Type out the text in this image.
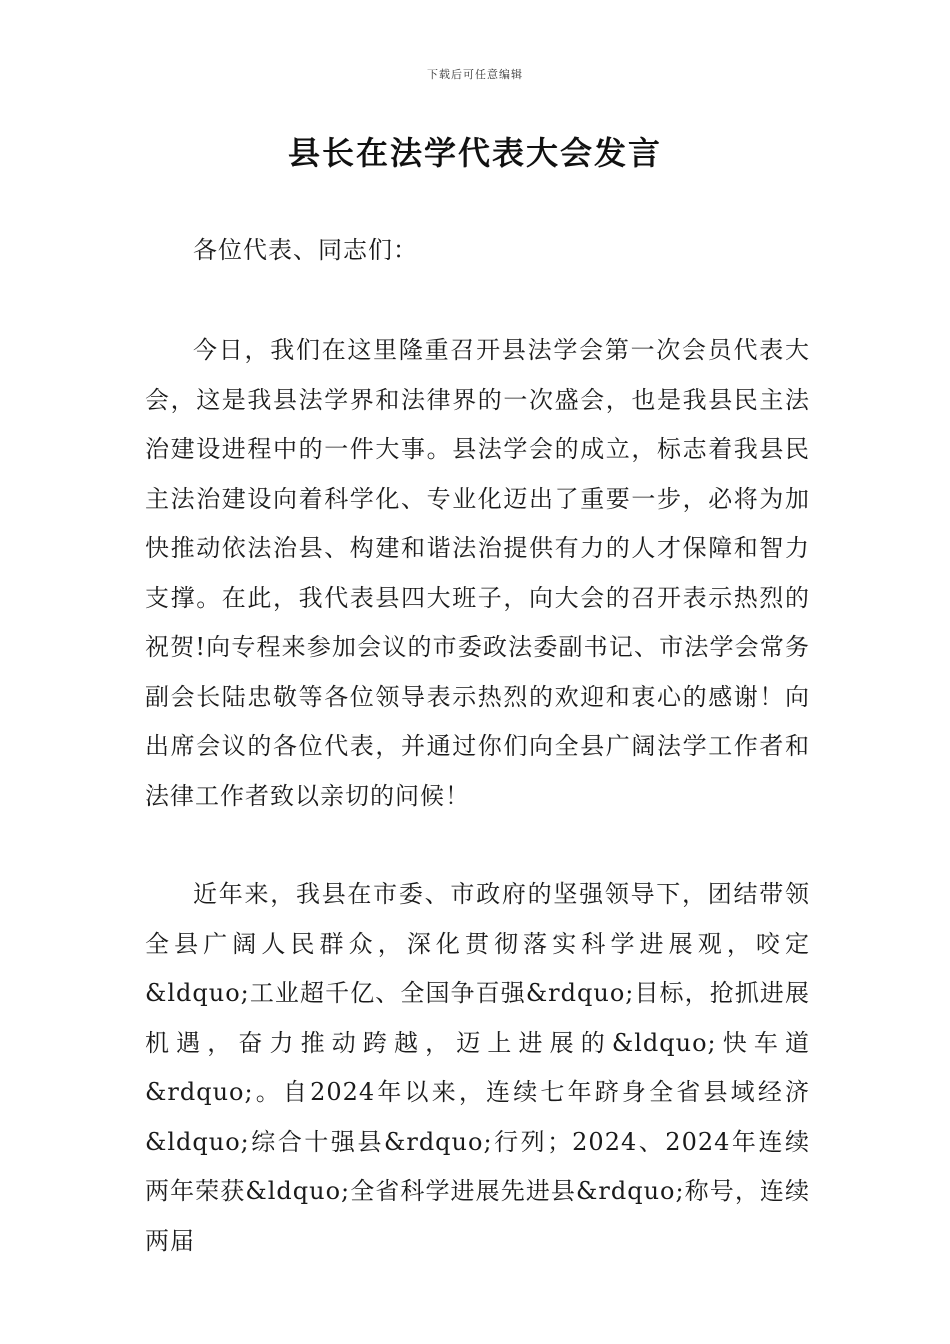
下载后可任意编辑
县长在法学代表大会发言
各位代表、同志们：
今日，我们在这里隆重召开县法学会第一次会员代表大会，这是我县法学界和法律界的一次盛会，也是我县民主法治建设进程中的一件大事。县法学会的成立，标志着我县民主法治建设向着科学化、专业化迈出了重要一步，必将为加快推动依法治县、构建和谐法治提供有力的人才保障和智力支撑。在此，我代表县四大班子，向大会的召开表示热烈的祝贺!向专程来参加会议的市委政法委副书记、市法学会常务副会长陆忠敬等各位领导表示热烈的欢迎和衷心的感谢！向出席会议的各位代表，并通过你们向全县广阔法学工作者和法律工作者致以亲切的问候！
近年来，我县在市委、市政府的坚强领导下，团结带领全县广阔人民群众，深化贯彻落实科学进展观，咬定&ldquo;工业超千亿、全国争百强&rdquo;目标，抢抓进展机遇，奋力推动跨越，迈上进展的&ldquo;快车道&rdquo;。自2024年以来，连续七年跻身全省县域经济&ldquo;综合十强县&rdquo;行列；2024、2024年连续两年荣获&ldquo;全省科学进展先进县&rdquo;称号，连续两届
